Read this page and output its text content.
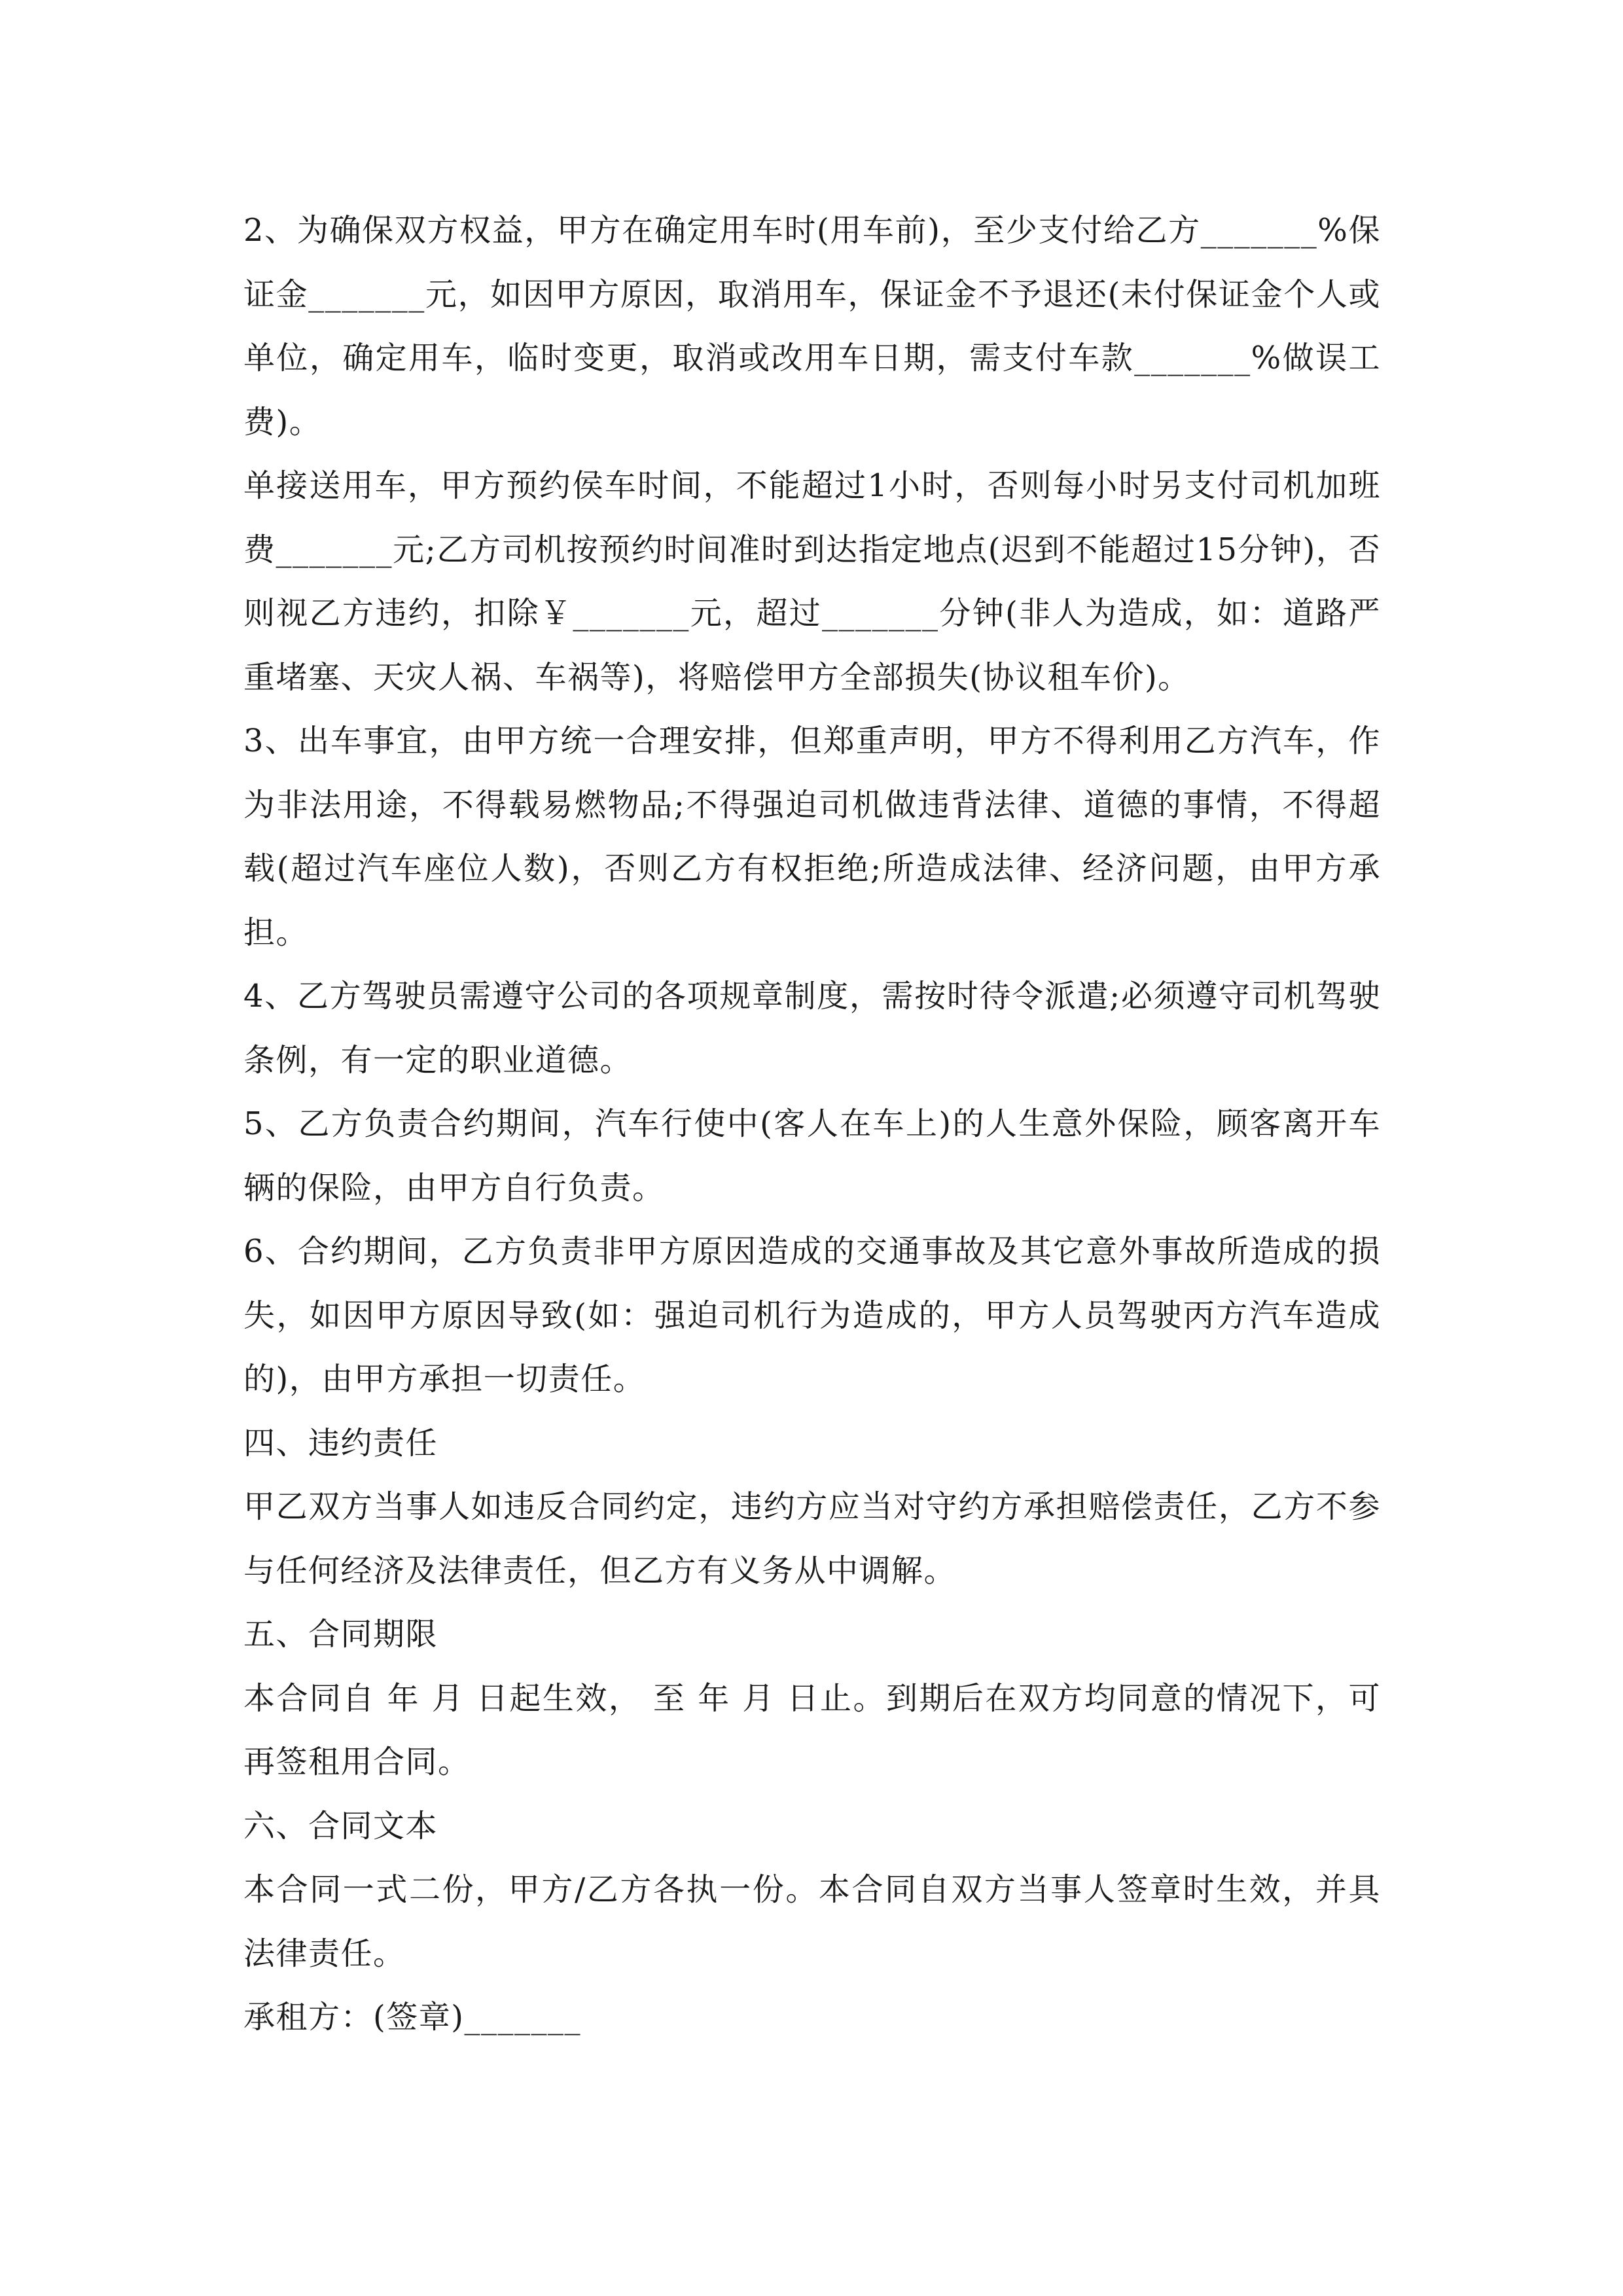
2、为确保双方权益，甲方在确定用车时(用车前)，至少支付给乙方_______%保证金_______元，如因甲方原因，取消用车，保证金不予退还(未付保证金个人或单位，确定用车，临时变更，取消或改用车日期，需支付车款_______%做误工费)。

单接送用车，甲方预约侯车时间，不能超过1小时，否则每小时另支付司机加班费_______元;乙方司机按预约时间准时到达指定地点(迟到不能超过15分钟)，否则视乙方违约，扣除￥_______元，超过_______分钟(非人为造成，如：道路严重堵塞、天灾人祸、车祸等)，将赔偿甲方全部损失(协议租车价)。

3、出车事宜，由甲方统一合理安排，但郑重声明，甲方不得利用乙方汽车，作为非法用途，不得载易燃物品;不得强迫司机做违背法律、道德的事情，不得超载(超过汽车座位人数)，否则乙方有权拒绝;所造成法律、经济问题，由甲方承担。

4、乙方驾驶员需遵守公司的各项规章制度，需按时待令派遣;必须遵守司机驾驶条例，有一定的职业道德。

5、乙方负责合约期间，汽车行使中(客人在车上)的人生意外保险，顾客离开车辆的保险，由甲方自行负责。

6、合约期间，乙方负责非甲方原因造成的交通事故及其它意外事故所造成的损失，如因甲方原因导致(如：强迫司机行为造成的，甲方人员驾驶丙方汽车造成的)，由甲方承担一切责任。

四、违约责任

甲乙双方当事人如违反合同约定，违约方应当对守约方承担赔偿责任，乙方不参与任何经济及法律责任，但乙方有义务从中调解。

五、合同期限

本合同自 年 月 日起生效， 至 年 月 日止。到期后在双方均同意的情况下，可再签租用合同。

六、合同文本

本合同一式二份，甲方/乙方各执一份。本合同自双方当事人签章时生效，并具法律责任。

承租方：(签章)_______
